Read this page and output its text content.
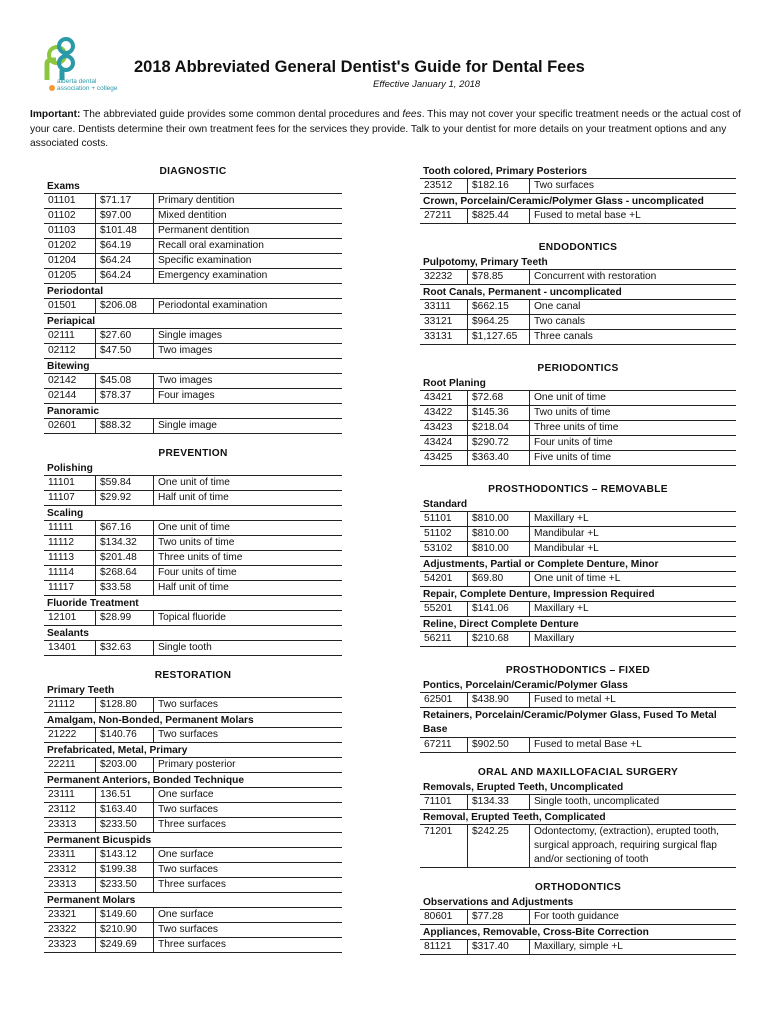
alberta dental
association + college
2018 Abbreviated General Dentist's Guide for Dental Fees
Effective January 1, 2018
Important: The abbreviated guide provides some common dental procedures and fees. This may not cover your specific treatment needs or the actual cost of your care. Dentists determine their own treatment fees for the services they provide. Talk to your dentist for more details on your treatment options and any associated costs.
DIAGNOSTIC
Exams
01101	$71.17	Primary dentition
01102	$97.00	Mixed dentition
01103	$101.48	Permanent dentition
01202	$64.19	Recall oral examination
01204	$64.24	Specific examination
01205	$64.24	Emergency examination
Periodontal
01501	$206.08	Periodontal examination
Periapical
02111	$27.60	Single images
02112	$47.50	Two images
Bitewing
02142	$45.08	Two images
02144	$78.37	Four images
Panoramic
02601	$88.32	Single image
PREVENTION
Polishing
11101	$59.84	One unit of time
11107	$29.92	Half unit of time
Scaling
11111	$67.16	One unit of time
11112	$134.32	Two units of time
11113	$201.48	Three units of time
11114	$268.64	Four units of time
11117	$33.58	Half unit of time
Fluoride Treatment
12101	$28.99	Topical fluoride
Sealants
13401	$32.63	Single tooth
RESTORATION
Primary Teeth
21112	$128.80	Two surfaces
Amalgam, Non-Bonded, Permanent Molars
21222	$140.76	Two surfaces
Prefabricated, Metal, Primary
22211	$203.00	Primary posterior
Permanent Anteriors, Bonded Technique
23111	136.51	One surface
23112	$163.40	Two surfaces
23313	$233.50	Three surfaces
Permanent Bicuspids
23311	$143.12	One surface
23312	$199.38	Two surfaces
23313	$233.50	Three surfaces
Permanent Molars
23321	$149.60	One surface
23322	$210.90	Two surfaces
23323	$249.69	Three surfaces
Tooth colored, Primary Posteriors
23512	$182.16	Two surfaces
Crown, Porcelain/Ceramic/Polymer Glass - uncomplicated
27211	$825.44	Fused to metal base +L
ENDODONTICS
Pulpotomy, Primary Teeth
32232	$78.85	Concurrent with restoration
Root Canals, Permanent - uncomplicated
33111	$662.15	One canal
33121	$964.25	Two canals
33131	$1,127.65	Three canals
PERIODONTICS
Root Planing
43421	$72.68	One unit of time
43422	$145.36	Two units of time
43423	$218.04	Three units of time
43424	$290.72	Four units of time
43425	$363.40	Five units of time
PROSTHODONTICS – REMOVABLE
Standard
51101	$810.00	Maxillary +L
51102	$810.00	Mandibular +L
53102	$810.00	Mandibular +L
Adjustments, Partial or Complete Denture, Minor
54201	$69.80	One unit of time +L
Repair, Complete Denture, Impression Required
55201	$141.06	Maxillary +L
Reline, Direct Complete Denture
56211	$210.68	Maxillary
PROSTHODONTICS – FIXED
Pontics, Porcelain/Ceramic/Polymer Glass
62501	$438.90	Fused to metal +L
Retainers, Porcelain/Ceramic/Polymer Glass, Fused To Metal Base
67211	$902.50	Fused to metal Base +L
ORAL AND MAXILLOFACIAL SURGERY
Removals, Erupted Teeth, Uncomplicated
71101	$134.33	Single tooth, uncomplicated
Removal, Erupted Teeth, Complicated
71201	$242.25	Odontectomy, (extraction), erupted tooth, surgical approach, requiring surgical flap and/or sectioning of tooth
ORTHODONTICS
Observations and Adjustments
80601	$77.28	For tooth guidance
Appliances, Removable, Cross-Bite Correction
81121	$317.40	Maxillary, simple +L
